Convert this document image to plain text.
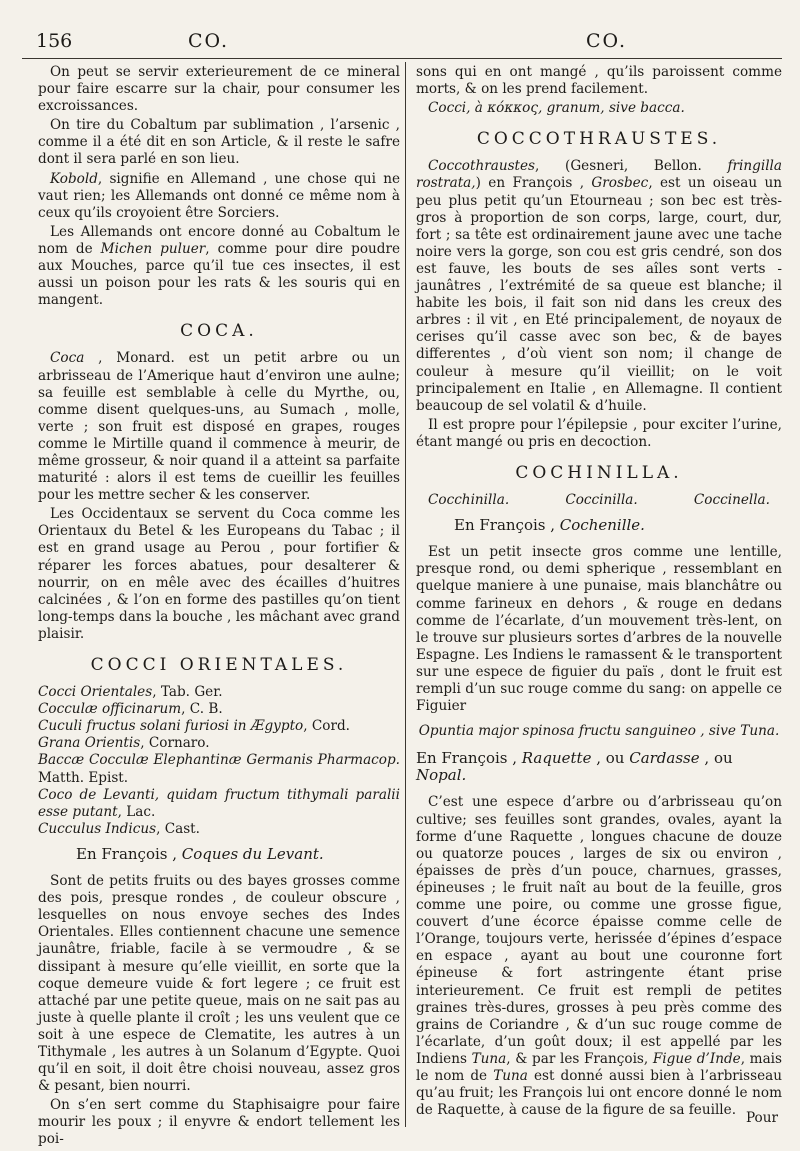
156	CO.	CO.

On peut se servir exterieurement de ce mineral pour faire escarre sur la chair, pour consumer les excroissances.

On tire du Cobaltum par sublimation , l’arsenic , comme il a été dit en son Article, & il reste le safre dont il sera parlé en son lieu.

Kobold, signifie en Allemand , une chose qui ne vaut rien; les Allemands ont donné ce même nom à ceux qu’ils croyoient être Sorciers.

Les Allemands ont encore donné au Cobaltum le nom de Michen puluer, comme pour dire poudre aux Mouches, parce qu’il tue ces insectes, il est aussi un poison pour les rats & les souris qui en mangent.

COCA.

Coca , Monard. est un petit arbre ou un arbrisseau de l’Amerique haut d’environ une aulne; sa feuille est semblable à celle du Myrthe, ou, comme disent quelques-uns, au Sumach , molle, verte ; son fruit est disposé en grapes, rouges comme le Mirtille quand il commence à meurir, de même grosseur, & noir quand il a atteint sa parfaite maturité : alors il est tems de cueillir les feuilles pour les mettre secher & les conserver.

Les Occidentaux se servent du Coca comme les Orientaux du Betel & les Europeans du Tabac ; il est en grand usage au Perou , pour fortifier & réparer les forces abatues, pour desalterer & nourrir, on en mêle avec des écailles d’huitres calcinées , & l’on en forme des pastilles qu’on tient long-temps dans la bouche , les mâchant avec grand plaisir.

COCCI ORIENTALES.

Cocci Orientales, Tab. Ger.

Cocculæ officinarum, C. B.

Cuculi fructus solani furiosi in Ægypto, Cord.

Grana Orientis, Cornaro.

Baccæ Cocculæ Elephantinæ Germanis Pharmacop. Matth. Epist.

Coco de Levanti, quidam fructum tithymali paralii esse putant, Lac.

Cucculus Indicus, Cast.

En François , Coques du Levant.

Sont de petits fruits ou des bayes grosses comme des pois, presque rondes , de couleur obscure , lesquelles on nous envoye seches des Indes Orientales. Elles contiennent chacune une semence jaunâtre, friable, facile à se vermoudre , & se dissipant à mesure qu’elle vieillit, en sorte que la coque demeure vuide & fort legere ; ce fruit est attaché par une petite queue, mais on ne sait pas au juste à quelle plante il croît ; les uns veulent que ce soit à une espece de Clematite, les autres à un Tithymale , les autres à un Solanum d’Egypte. Quoi qu’il en soit, il doit être choisi nouveau, assez gros & pesant, bien nourri.

On s’en sert comme du Staphisaigre pour faire mourir les poux ; il enyvre & endort tellement les poi-

sons qui en ont mangé , qu’ils paroissent comme morts, & on les prend facilement.

Cocci, à κόκκος, granum, sive bacca.

COCCOTHRAUSTES.

Coccothraustes, (Gesneri, Bellon. fringilla rostrata,) en François , Grosbec, est un oiseau un peu plus petit qu’un Etourneau ; son bec est très-gros à proportion de son corps, large, court, dur, fort ; sa tête est ordinairement jaune avec une tache noire vers la gorge, son cou est gris cendré, son dos est fauve, les bouts de ses aîles sont verts - jaunâtres , l’extrémité de sa queue est blanche; il habite les bois, il fait son nid dans les creux des arbres : il vit , en Eté principalement, de noyaux de cerises qu’il casse avec son bec, & de bayes differentes , d’où vient son nom; il change de couleur à mesure qu’il vieillit; on le voit principalement en Italie , en Allemagne. Il contient beaucoup de sel volatil & d’huile.

Il est propre pour l’épilepsie , pour exciter l’urine, étant mangé ou pris en decoction.

COCHINILLA.
Cocchinilla.	Coccinilla.	Coccinella.
En François , Cochenille.

Est un petit insecte gros comme une lentille, presque rond, ou demi spherique , ressemblant en quelque maniere à une punaise, mais blanchâtre ou comme farineux en dehors , & rouge en dedans comme de l’écarlate, d’un mouvement très-lent, on le trouve sur plusieurs sortes d’arbres de la nouvelle Espagne. Les Indiens le ramassent & le transportent sur une espece de figuier du païs , dont le fruit est rempli d’un suc rouge comme du sang: on appelle ce Figuier

Opuntia major spinosa fructu sanguineo , sive Tuna.
En François , Raquette , ou Cardasse , ou Nopal.

C’est une espece d’arbre ou d’arbrisseau qu’on cultive; ses feuilles sont grandes, ovales, ayant la forme d’une Raquette , longues chacune de douze ou quatorze pouces , larges de six ou environ , épaisses de près d’un pouce, charnues, grasses, épineuses ; le fruit naît au bout de la feuille, gros comme une poire, ou comme une grosse figue, couvert d’une écorce épaisse comme celle de l’Orange, toujours verte, herissée d’épines d’espace en espace , ayant au bout une couronne fort épineuse & fort astringente étant prise interieurement. Ce fruit est rempli de petites graines très-dures, grosses à peu près comme des grains de Coriandre , & d’un suc rouge comme de l’écarlate, d’un goût doux; il est appellé par les Indiens Tuna, & par les François, Figue d’Inde, mais le nom de Tuna est donné aussi bien à l’arbrisseau qu’au fruit; les François lui ont encore donné le nom de Raquette, à cause de la figure de sa feuille. Pour
